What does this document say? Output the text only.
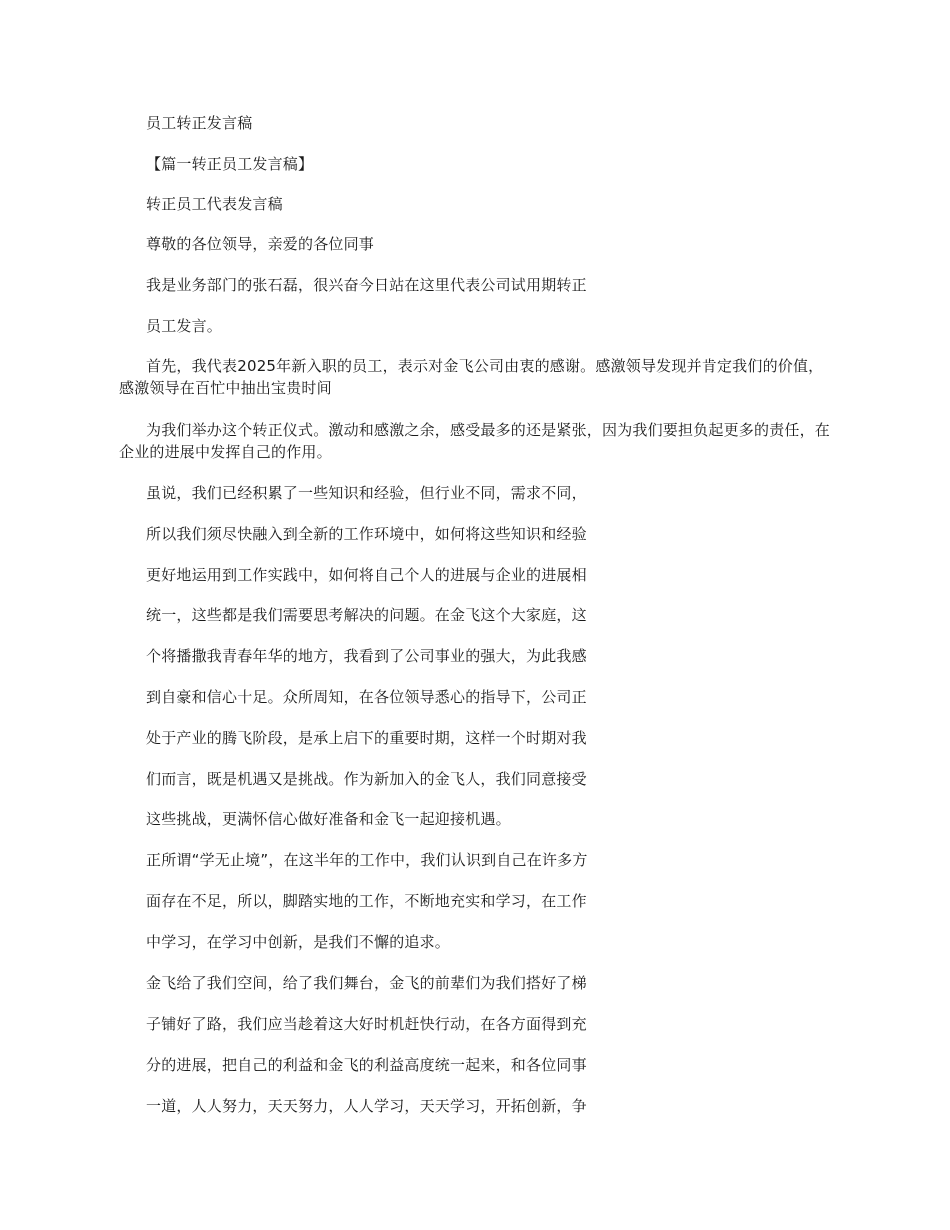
员工转正发言稿
【篇一转正员工发言稿】
转正员工代表发言稿
尊敬的各位领导，亲爱的各位同事
我是业务部门的张石磊，很兴奋今日站在这里代表公司试用期转正
员工发言。
首先，我代表2025年新入职的员工，表示对金飞公司由衷的感谢。感激领导发现并肯定我们的价值，感激领导在百忙中抽出宝贵时间
为我们举办这个转正仪式。激动和感激之余，感受最多的还是紧张，因为我们要担负起更多的责任，在企业的进展中发挥自己的作用。
虽说，我们已经积累了一些知识和经验，但行业不同，需求不同，
所以我们须尽快融入到全新的工作环境中，如何将这些知识和经验
更好地运用到工作实践中，如何将自己个人的进展与企业的进展相
统一，这些都是我们需要思考解决的问题。在金飞这个大家庭，这
个将播撒我青春年华的地方，我看到了公司事业的强大，为此我感
到自豪和信心十足。众所周知，在各位领导悉心的指导下，公司正
处于产业的腾飞阶段，是承上启下的重要时期，这样一个时期对我
们而言，既是机遇又是挑战。作为新加入的金飞人，我们同意接受
这些挑战，更满怀信心做好准备和金飞一起迎接机遇。
正所谓“学无止境”，在这半年的工作中，我们认识到自己在许多方
面存在不足，所以，脚踏实地的工作，不断地充实和学习，在工作
中学习，在学习中创新，是我们不懈的追求。
金飞给了我们空间，给了我们舞台，金飞的前辈们为我们搭好了梯
子铺好了路，我们应当趁着这大好时机赶快行动，在各方面得到充
分的进展，把自己的利益和金飞的利益高度统一起来，和各位同事
一道，人人努力，天天努力，人人学习，天天学习，开拓创新，争
